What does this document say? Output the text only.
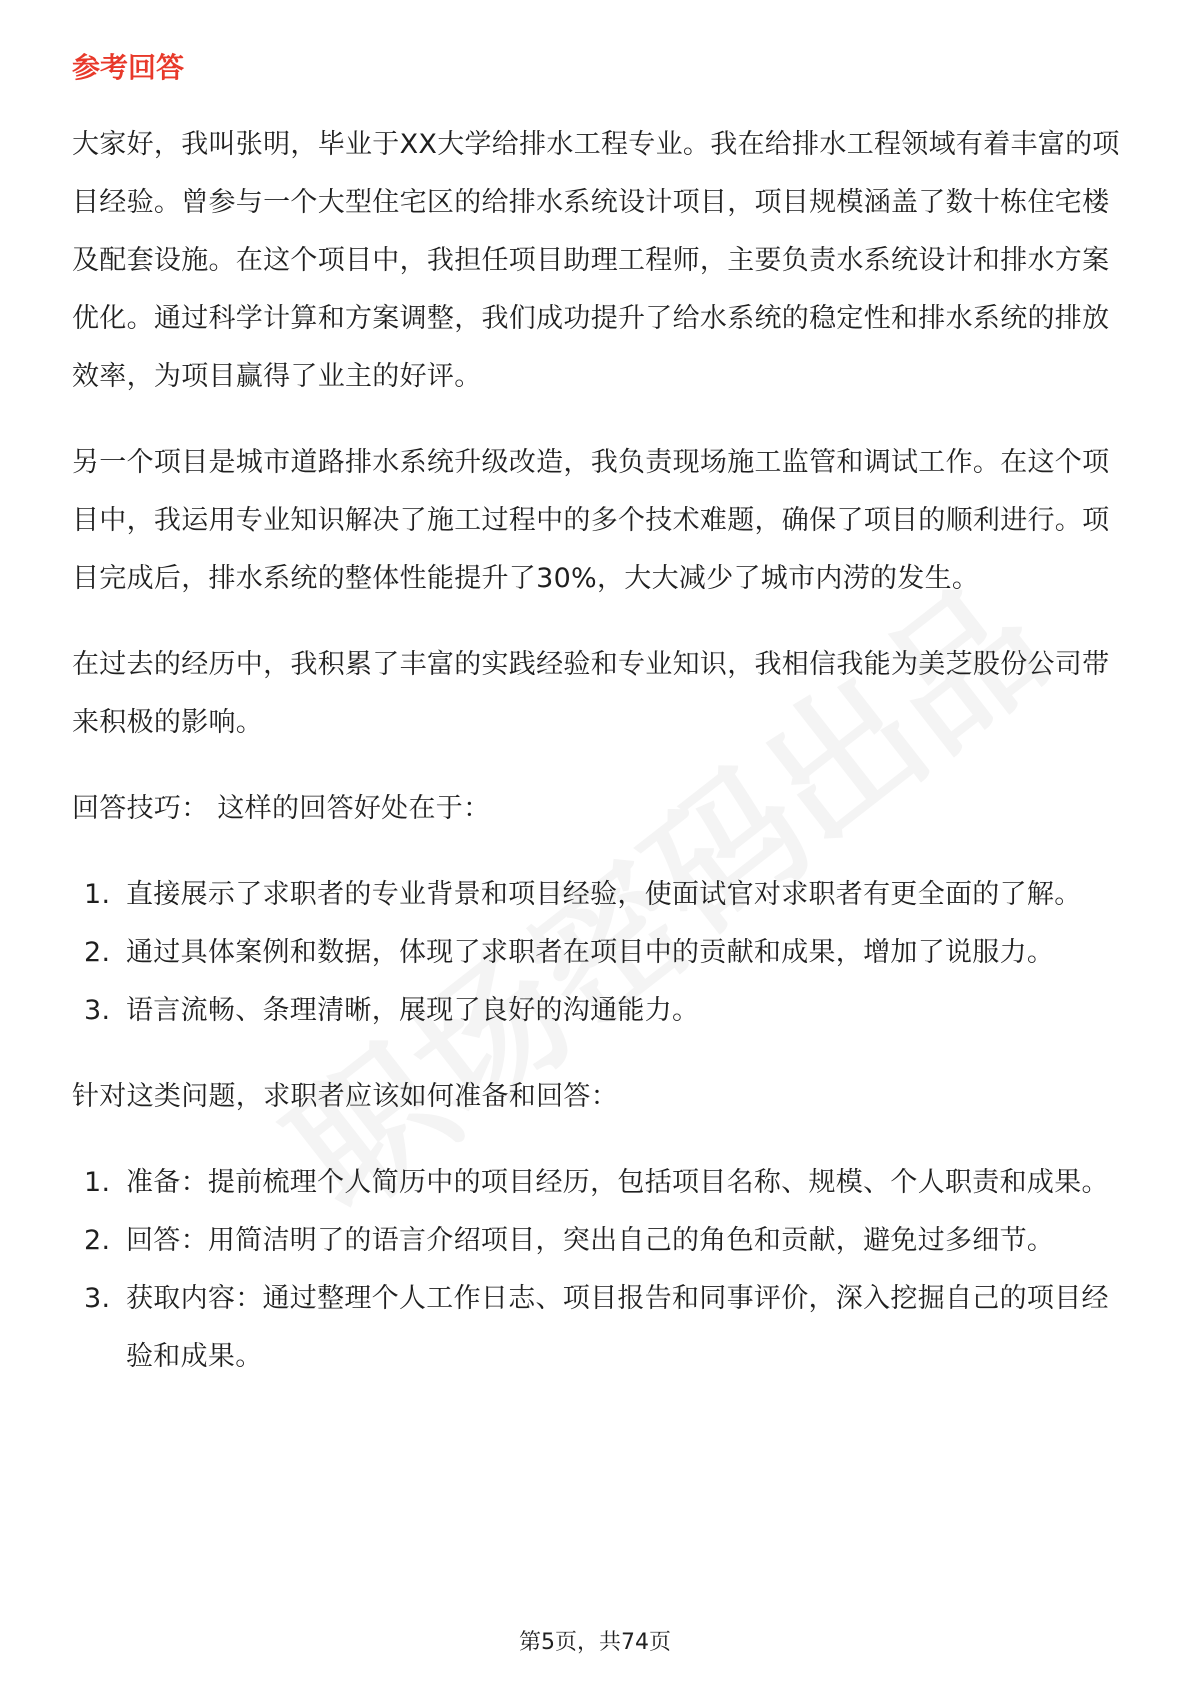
参考回答

大家好，我叫张明，毕业于XX大学给排水工程专业。我在给排水工程领域有着丰富的项目经验。曾参与一个大型住宅区的给排水系统设计项目，项目规模涵盖了数十栋住宅楼及配套设施。在这个项目中，我担任项目助理工程师，主要负责水系统设计和排水方案优化。通过科学计算和方案调整，我们成功提升了给水系统的稳定性和排水系统的排放效率，为项目赢得了业主的好评。

另一个项目是城市道路排水系统升级改造，我负责现场施工监管和调试工作。在这个项目中，我运用专业知识解决了施工过程中的多个技术难题，确保了项目的顺利进行。项目完成后，排水系统的整体性能提升了30%，大大减少了城市内涝的发生。

在过去的经历中，我积累了丰富的实践经验和专业知识，我相信我能为美芝股份公司带来积极的影响。

回答技巧： 这样的回答好处在于：

1. 直接展示了求职者的专业背景和项目经验，使面试官对求职者有更全面的了解。
2. 通过具体案例和数据，体现了求职者在项目中的贡献和成果，增加了说服力。
3. 语言流畅、条理清晰，展现了良好的沟通能力。

针对这类问题，求职者应该如何准备和回答：

1. 准备：提前梳理个人简历中的项目经历，包括项目名称、规模、个人职责和成果。
2. 回答：用简洁明了的语言介绍项目，突出自己的角色和贡献，避免过多细节。
3. 获取内容：通过整理个人工作日志、项目报告和同事评价，深入挖掘自己的项目经验和成果。
第5页，共74页
